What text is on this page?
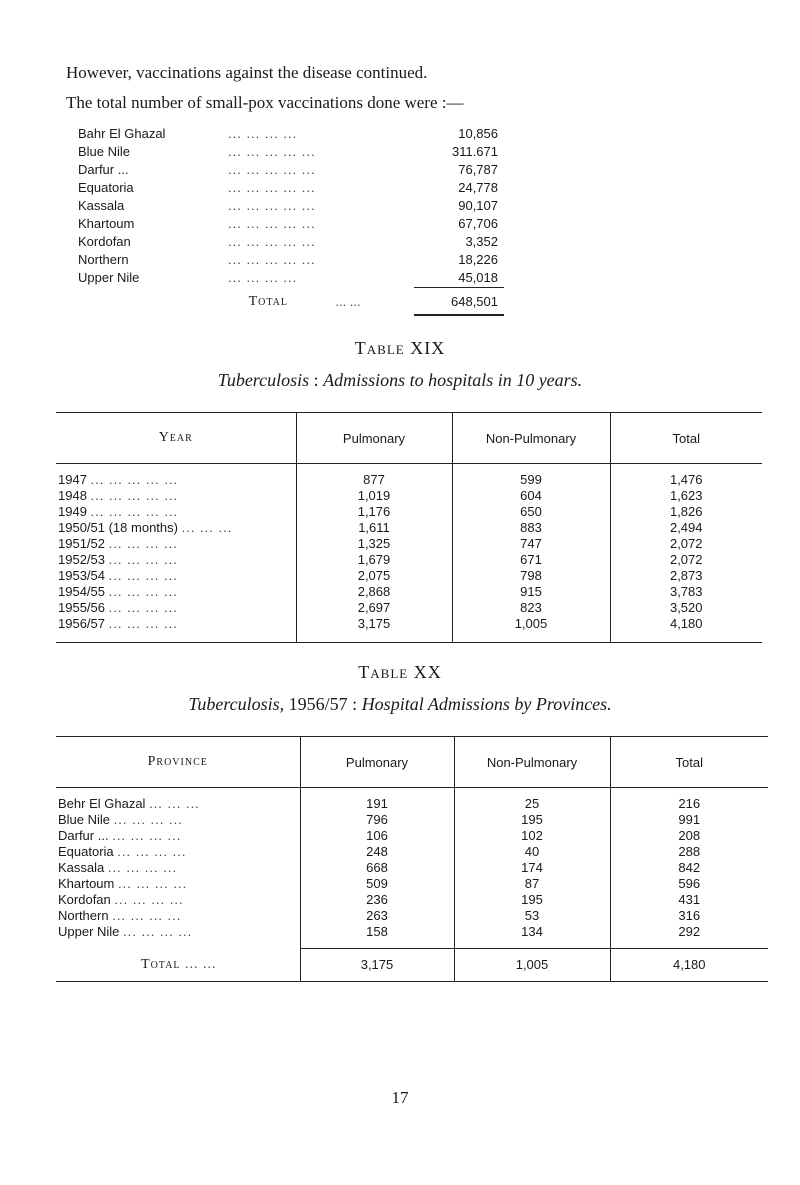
However, vaccinations against the disease continued.

The total number of small-pox vaccinations done were :—

Bahr El Ghazal	... ... ... ...	10,856
Blue Nile	... ... ... ... ...	311.671
Darfur ...	... ... ... ... ...	76,787
Equatoria	... ... ... ... ...	24,778
Kassala	... ... ... ... ...	90,107
Khartoum	... ... ... ... ...	67,706
Kordofan	... ... ... ... ...	3,352
Northern	... ... ... ... ...	18,226
Upper Nile	... ... ... ...	45,018
Total	... ...	648,501
Table XIX
Tuberculosis : Admissions to hospitals in 10 years.
Year	Pulmonary	Non-Pulmonary	Total

1947 ... ... ... ... ...	877	599	1,476
1948 ... ... ... ... ...	1,019	604	1,623
1949 ... ... ... ... ...	1,176	650	1,826
1950/51 (18 months) ... ... ...	1,611	883	2,494
1951/52 ... ... ... ...	1,325	747	2,072
1952/53 ... ... ... ...	1,679	671	2,072
1953/54 ... ... ... ...	2,075	798	2,873
1954/55 ... ... ... ...	2,868	915	3,783
1955/56 ... ... ... ...	2,697	823	3,520
1956/57 ... ... ... ...	3,175	1,005	4,180

Table XX
Tuberculosis, 1956/57 : Hospital Admissions by Provinces.
Province	Pulmonary	Non-Pulmonary	Total

Behr El Ghazal ... ... ...	191	25	216
Blue Nile ... ... ... ...	796	195	991
Darfur ... ... ... ... ...	106	102	208
Equatoria ... ... ... ...	248	40	288
Kassala ... ... ... ...	668	174	842
Khartoum ... ... ... ...	509	87	596
Kordofan ... ... ... ...	236	195	431
Northern ... ... ... ...	263	53	316
Upper Nile ... ... ... ...	158	134	292

Total ... ...	3,175	1,005	4,180
17
